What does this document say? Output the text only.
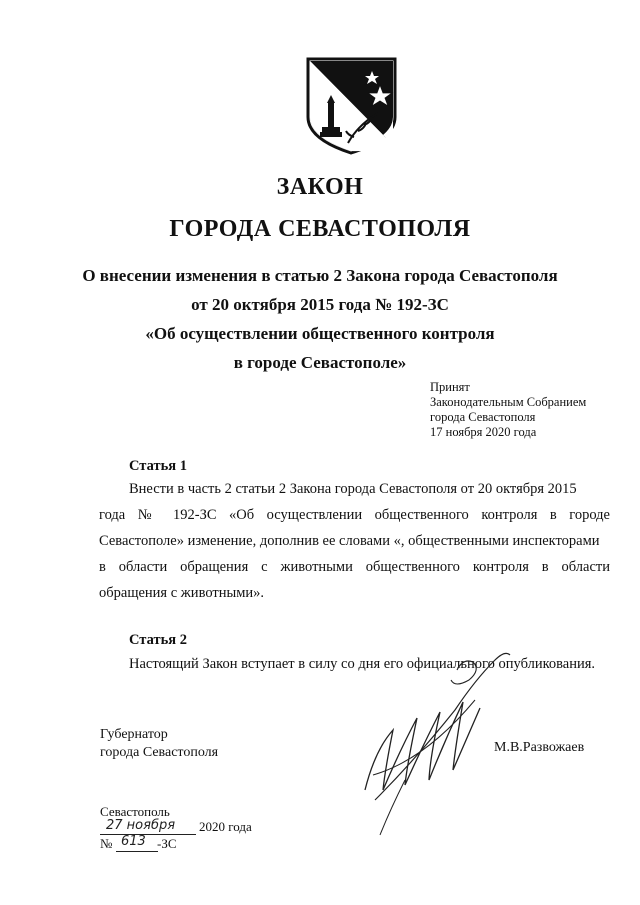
ЗАКОН
ГОРОДА СЕВАСТОПОЛЯ
О внесении изменения в статью 2 Закона города Севастополя
от 20 октября 2015 года № 192-ЗС
«Об осуществлении общественного контроля
в городе Севастополе»
Принят
Законодательным Собранием
города Севастополя
17 ноября 2020 года
Статья 1
Внести в часть 2 статьи 2 Закона города Севастополя от 20 октября 2015
года № 192-ЗС «Об осуществлении общественного контроля в городе
Севастополе» изменение, дополнив ее словами «, общественными инспекторами
в области обращения с животными общественного контроля в области
обращения с животными».
Статья 2
Настоящий Закон вступает в силу со дня его официального опубликования.
Губернатор
города Севастополя	М.В.Развожаев
Севастополь
27 ноября 2020 года
№ 613 -ЗС
